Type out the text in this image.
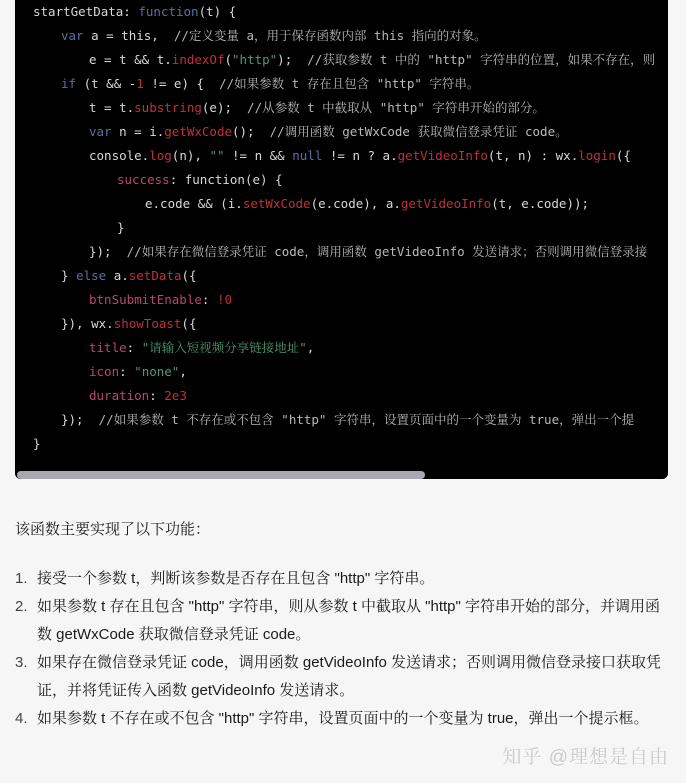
startGetData: function(t) {
var a = this,  //定义变量 a，用于保存函数内部 this 指向的对象。
e = t && t.indexOf("http");  //获取参数 t 中的 "http" 字符串的位置，如果不存在，则
if (t && -1 != e) {  //如果参数 t 存在且包含 "http" 字符串。
t = t.substring(e);  //从参数 t 中截取从 "http" 字符串开始的部分。
var n = i.getWxCode();  //调用函数 getWxCode 获取微信登录凭证 code。
console.log(n), "" != n && null != n ? a.getVideoInfo(t, n) : wx.login({
success: function(e) {
e.code && (i.setWxCode(e.code), a.getVideoInfo(t, e.code));
}
});  //如果存在微信登录凭证 code，调用函数 getVideoInfo 发送请求；否则调用微信登录接
} else a.setData({
btnSubmitEnable: !0
}), wx.showToast({
title: "请输入短视频分享链接地址",
icon: "none",
duration: 2e3
});  //如果参数 t 不存在或不包含 "http" 字符串，设置页面中的一个变量为 true，弹出一个提
}
该函数主要实现了以下功能：
1. 接受一个参数 t，判断该参数是否存在且包含 "http" 字符串。
2. 如果参数 t 存在且包含 "http" 字符串，则从参数 t 中截取从 "http" 字符串开始的部分，并调用函数 getWxCode 获取微信登录凭证 code。
3. 如果存在微信登录凭证 code，调用函数 getVideoInfo 发送请求；否则调用微信登录接口获取凭证，并将凭证传入函数 getVideoInfo 发送请求。
4. 如果参数 t 不存在或不包含 "http" 字符串，设置页面中的一个变量为 true，弹出一个提示框。
知乎 @理想是自由
